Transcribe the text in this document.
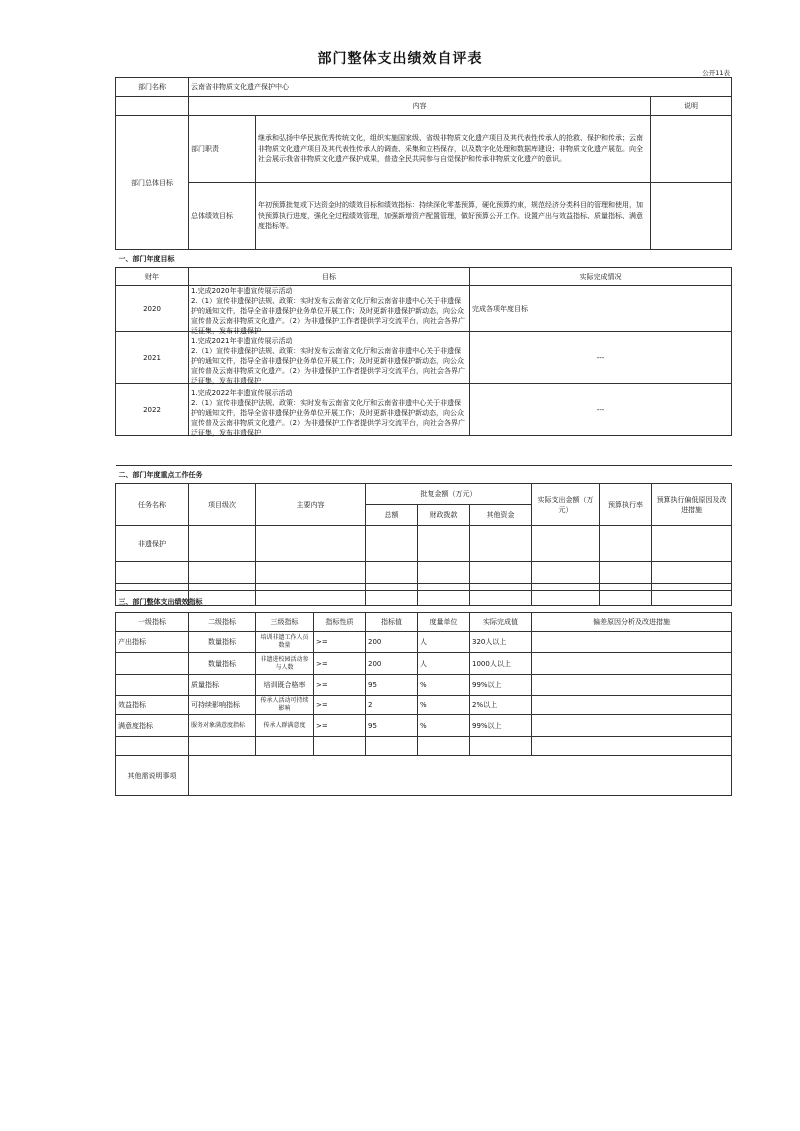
部门整体支出绩效自评表
公开11表
部门名称	云南省非物质文化遗产保护中心			
	内容			说明
部门总体目标	部门职责	继承和弘扬中华民族优秀传统文化，组织实施国家级、省级非物质文化遗产项目及其代表性传承人的抢救、保护和传承；云南非物质文化遗产项目及其代表性传承人的调查、采集和立档保存，以及数字化处理和数据库建设；非物质文化遗产展览。向全社会展示我省非物质文化遗产保护成果，普造全民共同参与自觉保护和传承非物质文化遗产的意识。		
	总体绩效目标	年初预算批复或下达资金时的绩效目标和绩效指标：持续深化零基预算，硬化预算约束，规范经济分类科目的管理和使用，加快预算执行进度，强化全过程绩效管理，加强新增资产配置管理，做好预算公开工作。设置产出与效益指标、质量指标、满意度指标等。		
一、部门年度目标				
财年	目标		实际完成情况	
2020	1.完成2020年非遗宣传展示活动
2.（1）宣传非遗保护法规、政策：实时发布云南省文化厅和云南省非遗中心关于非遗保护的通知文件，指导全省非遗保护业务单位开展工作；及时更新非遗保护新动态，向公众宣传普及云南非物质文化遗产。（2）为非遗保护工作者提供学习交流平台，向社会各界广泛征集，发布非遗保护		完成各项年度目标	
2021	1.完成2021年非遗宣传展示活动
2.（1）宣传非遗保护法规、政策：实时发布云南省文化厅和云南省非遗中心关于非遗保护的通知文件，指导全省非遗保护业务单位开展工作；及时更新非遗保护新动态，向公众宣传普及云南非物质文化遗产。（2）为非遗保护工作者提供学习交流平台，向社会各界广泛征集，发布非遗保护		---	
2022	1.完成2022年非遗宣传展示活动
2.（1）宣传非遗保护法规、政策：实时发布云南省文化厅和云南省非遗中心关于非遗保护的通知文件，指导全省非遗保护业务单位开展工作；及时更新非遗保护新动态，向公众宣传普及云南非物质文化遗产。（2）为非遗保护工作者提供学习交流平台，向社会各界广泛征集，发布非遗保护		---	
二、部门年度重点工作任务								
任务名称	项目级次	主要内容	批复金额（万元）			实际支出金额（万元）	预算执行率	预算执行偏低原因及改进措施
			总额	财政拨款	其他资金			
非遗保护								

三、部门整体支出绩效指标							
一级指标	二级指标	三级指标	指标性质	指标值	度量单位	实际完成值	偏差原因分析及改进措施
产出指标	数量指标	培训非遗工作人员数量	>=	200	人	320人以上	
	数量指标	非遗进校园活动参与人数	>=	200	人	1000人以上	
	质量指标	培训既合格率	>=	95	%	99%以上	
效益指标	可持续影响指标	传承人活动可持续影响	>=	2	%	2%以上	
满意度指标	服务对象满意度指标	传承人群满意度	>=	95	%	99%以上	

其他需说明事项							
